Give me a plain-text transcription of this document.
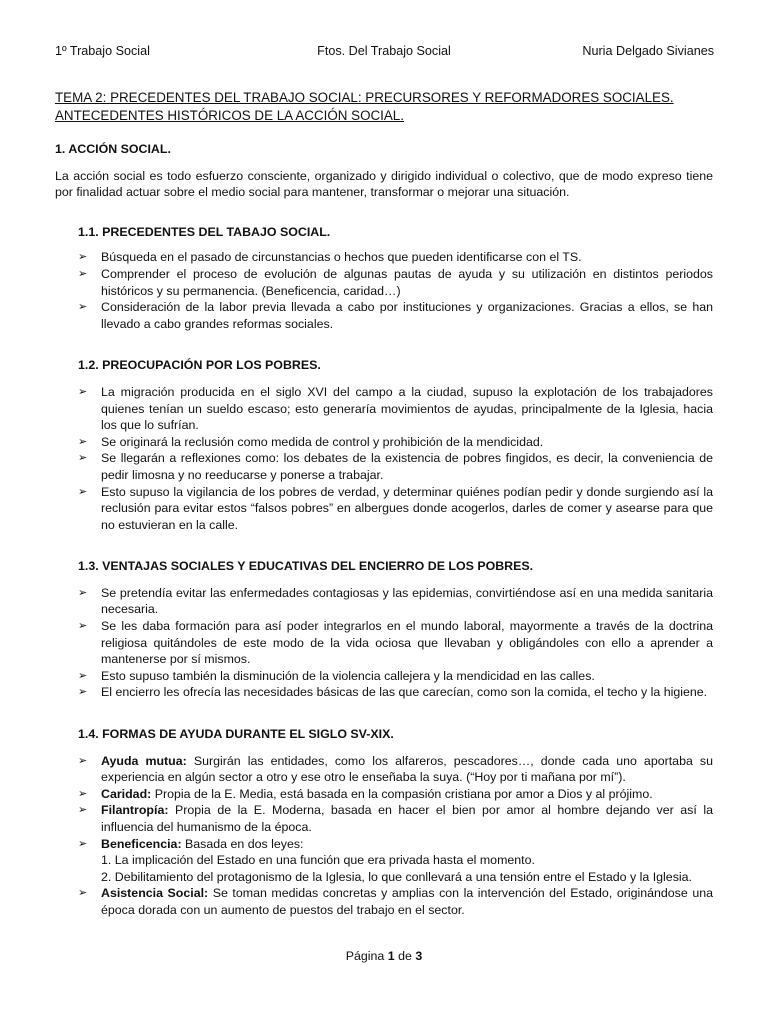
Ftos. Del Trabajo Social
1º Trabajo Social	Nuria Delgado Sivianes
TEMA 2: PRECEDENTES DEL TRABAJO SOCIAL: PRECURSORES Y REFORMADORES SOCIALES. ANTECEDENTES HISTÓRICOS DE LA ACCIÓN SOCIAL.
1. ACCIÓN SOCIAL.

La acción social es todo esfuerzo consciente, organizado y dirigido individual o colectivo, que de modo expreso tiene por finalidad actuar sobre el medio social para mantener, transformar o mejorar una situación.

1.1. PRECEDENTES DEL TABAJO SOCIAL.
➢ Búsqueda en el pasado de circunstancias o hechos que pueden identificarse con el TS.
➢ Comprender el proceso de evolución de algunas pautas de ayuda y su utilización en distintos periodos históricos y su permanencia. (Beneficencia, caridad…)
➢ Consideración de la labor previa llevada a cabo por instituciones y organizaciones. Gracias a ellos, se han llevado a cabo grandes reformas sociales.
1.2. PREOCUPACIÓN POR LOS POBRES.
➢ La migración producida en el siglo XVI del campo a la ciudad, supuso la explotación de los trabajadores quienes tenían un sueldo escaso; esto generaría movimientos de ayudas, principalmente de la Iglesia, hacia los que lo sufrían.
➢ Se originará la reclusión como medida de control y prohibición de la mendicidad.
➢ Se llegarán a reflexiones como: los debates de la existencia de pobres fingidos, es decir, la conveniencia de pedir limosna y no reeducarse y ponerse a trabajar.
➢ Esto supuso la vigilancia de los pobres de verdad, y determinar quiénes podían pedir y donde surgiendo así la reclusión para evitar estos “falsos pobres” en albergues donde acogerlos, darles de comer y asearse para que no estuvieran en la calle.
1.3. VENTAJAS SOCIALES Y EDUCATIVAS DEL ENCIERRO DE LOS POBRES.
➢ Se pretendía evitar las enfermedades contagiosas y las epidemias, convirtiéndose así en una medida sanitaria necesaria.
➢ Se les daba formación para así poder integrarlos en el mundo laboral, mayormente a través de la doctrina religiosa quitándoles de este modo de la vida ociosa que llevaban y obligándoles con ello a aprender a mantenerse por sí mismos.
➢ Esto supuso también la disminución de la violencia callejera y la mendicidad en las calles.
➢ El encierro les ofrecía las necesidades básicas de las que carecían, como son la comida, el techo y la higiene.
1.4. FORMAS DE AYUDA DURANTE EL SIGLO SV-XIX.
➢ Ayuda mutua: Surgirán las entidades, como los alfareros, pescadores…, donde cada uno aportaba su experiencia en algún sector a otro y ese otro le enseñaba la suya. (“Hoy por ti mañana por mí”).
➢ Caridad: Propia de la E. Media, está basada en la compasión cristiana por amor a Dios y al prójimo.
➢ Filantropía: Propia de la E. Moderna, basada en hacer el bien por amor al hombre dejando ver así la influencia del humanismo de la época.
➢ Beneficencia: Basada en dos leyes:
1. La implicación del Estado en una función que era privada hasta el momento.
2. Debilitamiento del protagonismo de la Iglesia, lo que conllevará a una tensión entre el Estado y la Iglesia.
➢ Asistencia Social: Se toman medidas concretas y amplias con la intervención del Estado, originándose una época dorada con un aumento de puestos del trabajo en el sector.
Página 1 de 3
